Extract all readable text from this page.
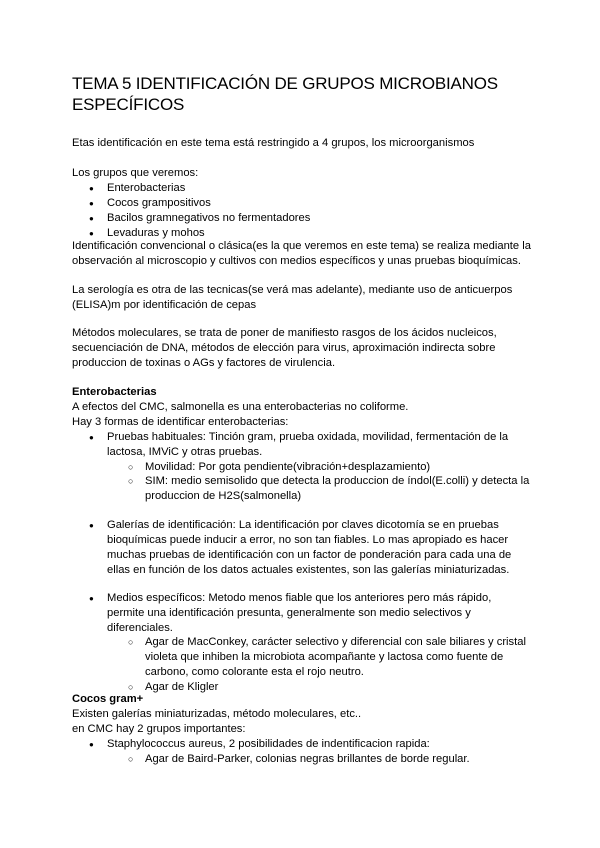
TEMA 5 IDENTIFICACIÓN DE GRUPOS MICROBIANOS ESPECÍFICOS

Etas identificación en este tema está restringido a 4 grupos, los microorganismos

Los grupos que veremos:

● Enterobacterias

● Cocos grampositivos

● Bacilos gramnegativos no fermentadores

● Levaduras y mohos

Identificación convencional o clásica(es la que veremos en este tema) se realiza mediante la

observación al microscopio y cultivos con medios específicos y unas pruebas bioquímicas.

La serología es otra de las tecnicas(se verá mas adelante), mediante uso de anticuerpos

(ELISA)m por identificación de cepas

Métodos moleculares, se trata de poner de manifiesto rasgos de los ácidos nucleicos,

secuenciación de DNA, métodos de elección para virus, aproximación indirecta sobre

produccion de toxinas o AGs y factores de virulencia.

Enterobacterias

A efectos del CMC, salmonella es una enterobacterias no coliforme.

Hay 3 formas de identificar enterobacterias:

● Pruebas habituales: Tinción gram, prueba oxidada, movilidad, fermentación de la

lactosa, IMViC y otras pruebas.

○ Movilidad: Por gota pendiente(vibración+desplazamiento)

○ SIM: medio semisolido que detecta la produccion de índol(E.colli) y detecta la

produccion de H2S(salmonella)

● Galerías de identificación: La identificación por claves dicotomía se en pruebas

bioquímicas puede inducir a error, no son tan fiables. Lo mas apropiado es hacer

muchas pruebas de identificación con un factor de ponderación para cada una de

ellas en función de los datos actuales existentes, son las galerías miniaturizadas.

● Medios específicos: Metodo menos fiable que los anteriores pero más rápido,

permite una identificación presunta, generalmente son medio selectivos y

diferenciales.

○ Agar de MacConkey, carácter selectivo y diferencial con sale biliares y cristal

violeta que inhiben la microbiota acompañante y lactosa como fuente de

carbono, como colorante esta el rojo neutro.

○ Agar de Kligler

Cocos gram+

Existen galerías miniaturizadas, método moleculares, etc..

en CMC hay 2 grupos importantes:

● Staphylococcus aureus, 2 posibilidades de indentificacion rapida:

○ Agar de Baird-Parker, colonias negras brillantes de borde regular.
